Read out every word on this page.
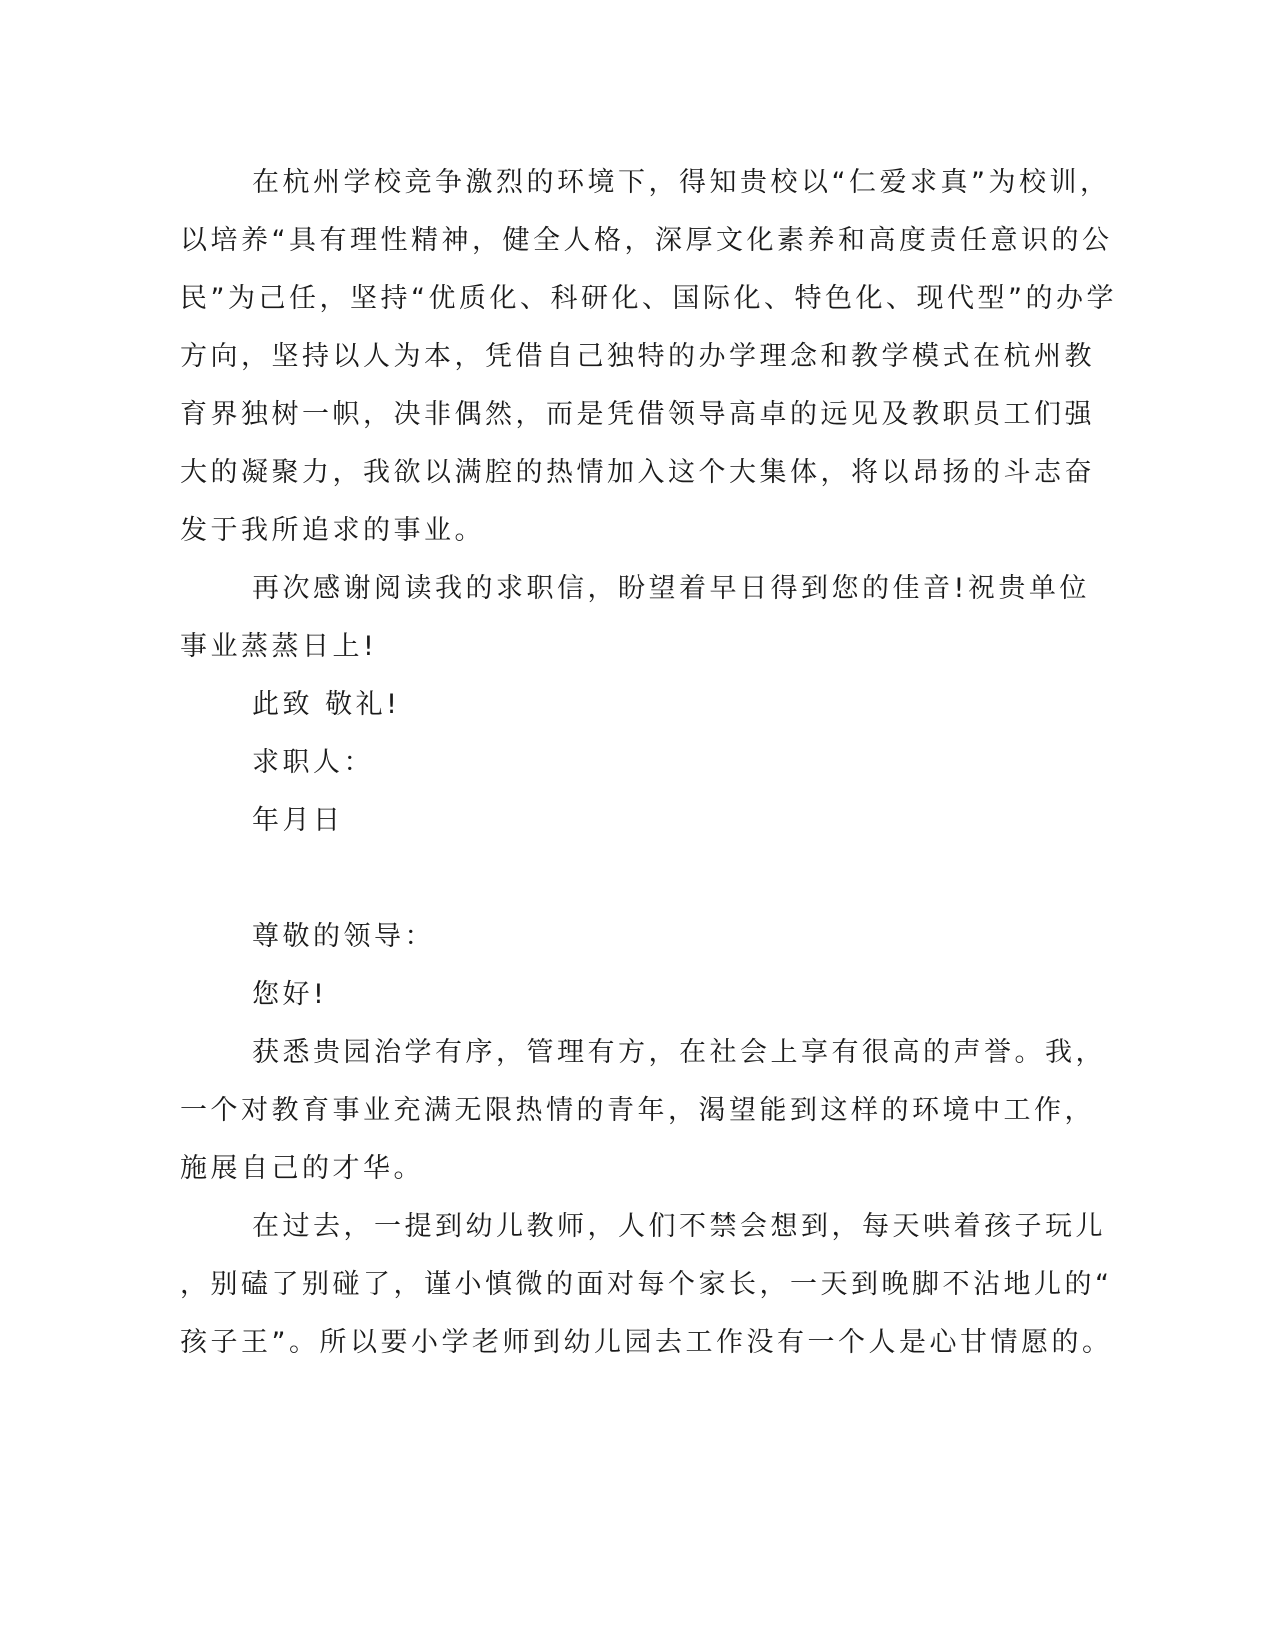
在杭州学校竞争激烈的环境下，得知贵校以“仁爱求真”为校训，
以培养“具有理性精神，健全人格，深厚文化素养和高度责任意识的公
民”为己任，坚持“优质化、科研化、国际化、特色化、现代型”的办学
方向，坚持以人为本，凭借自己独特的办学理念和教学模式在杭州教
育界独树一帜，决非偶然，而是凭借领导高卓的远见及教职员工们强
大的凝聚力，我欲以满腔的热情加入这个大集体，将以昂扬的斗志奋
发于我所追求的事业。
再次感谢阅读我的求职信，盼望着早日得到您的佳音!祝贵单位
事业蒸蒸日上!
此致 敬礼!
求职人：
年月日
尊敬的领导：
您好!
获悉贵园治学有序，管理有方，在社会上享有很高的声誉。我，
一个对教育事业充满无限热情的青年，渴望能到这样的环境中工作，
施展自己的才华。
在过去，一提到幼儿教师，人们不禁会想到，每天哄着孩子玩儿
，别磕了别碰了，谨小慎微的面对每个家长，一天到晚脚不沾地儿的“
孩子王”。所以要小学老师到幼儿园去工作没有一个人是心甘情愿的。
